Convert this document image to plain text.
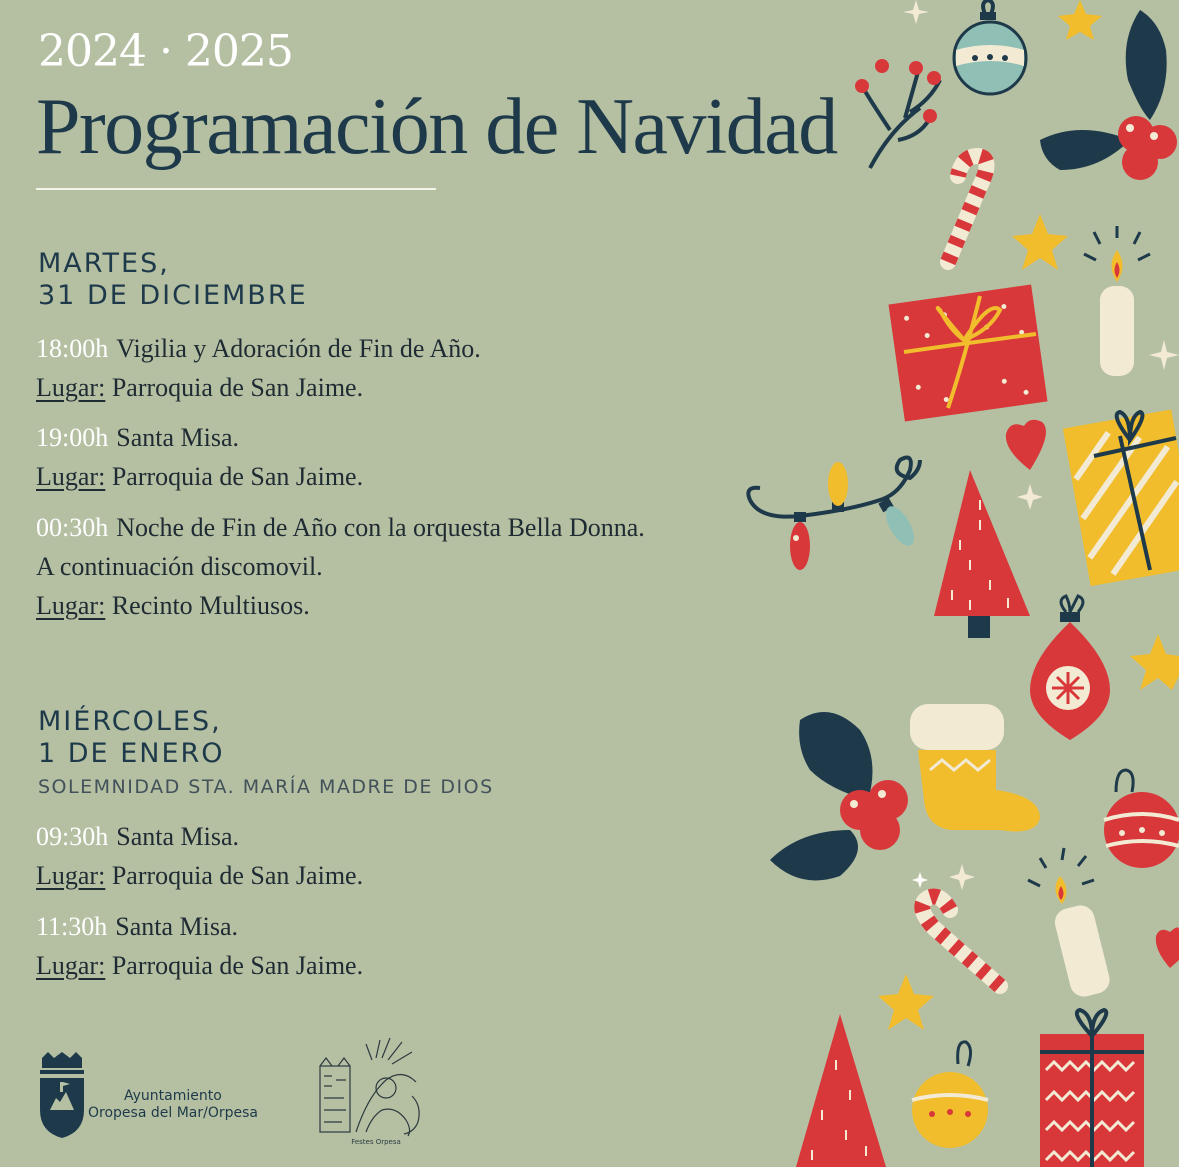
2024 · 2025
Programación de Navidad
MARTES,
31 DE DICIEMBRE
18:00h Vigilia y Adoración de Fin de Año.
Lugar: Parroquia de San Jaime.
19:00h Santa Misa.
Lugar: Parroquia de San Jaime.
00:30h Noche de Fin de Año con la orquesta Bella Donna.
A continuación discomovil.
Lugar: Recinto Multiusos.
MIÉRCOLES,
1 DE ENERO
SOLEMNIDAD STA. MARÍA MADRE DE DIOS
09:30h Santa Misa.
Lugar: Parroquia de San Jaime.
11:30h Santa Misa.
Lugar: Parroquia de San Jaime.
Ayuntamiento
Oropesa del Mar/Orpesa
Festes Orpesa
